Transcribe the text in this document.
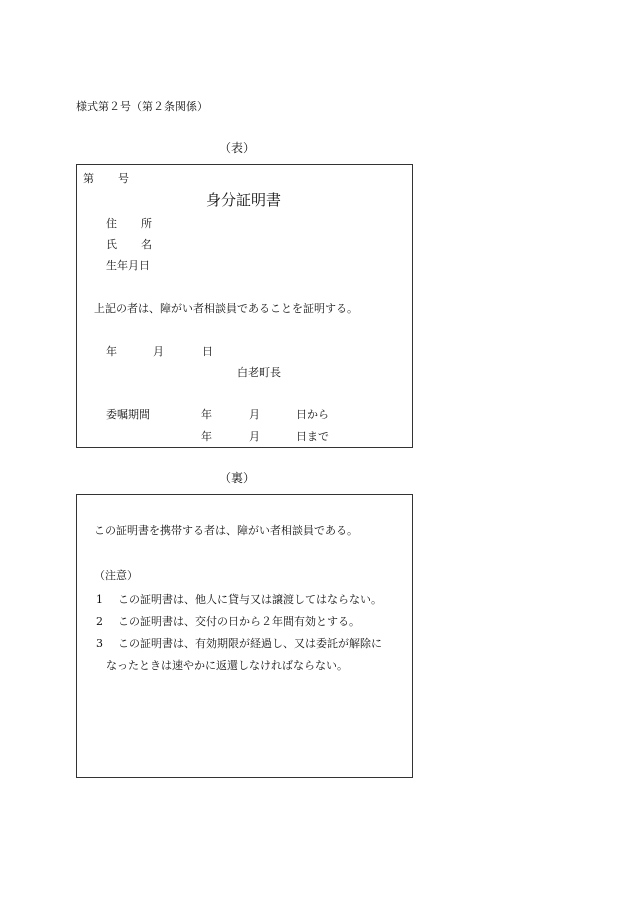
様式第２号（第２条関係）
（表）
第 号
身分証明書
住 所
氏 名
生年月日
上記の者は、障がい者相談員であることを証明する。
年	月	日
白老町長
委嘱期間	年	月	日から
年	月	日まで
（裏）
この証明書を携帯する者は、障がい者相談員である。
（注意）
1 この証明書は、他人に貸与又は譲渡してはならない。
2 この証明書は、交付の日から２年間有効とする。
3 この証明書は、有効期限が経過し、又は委託が解除に
なったときは速やかに返還しなければならない。
